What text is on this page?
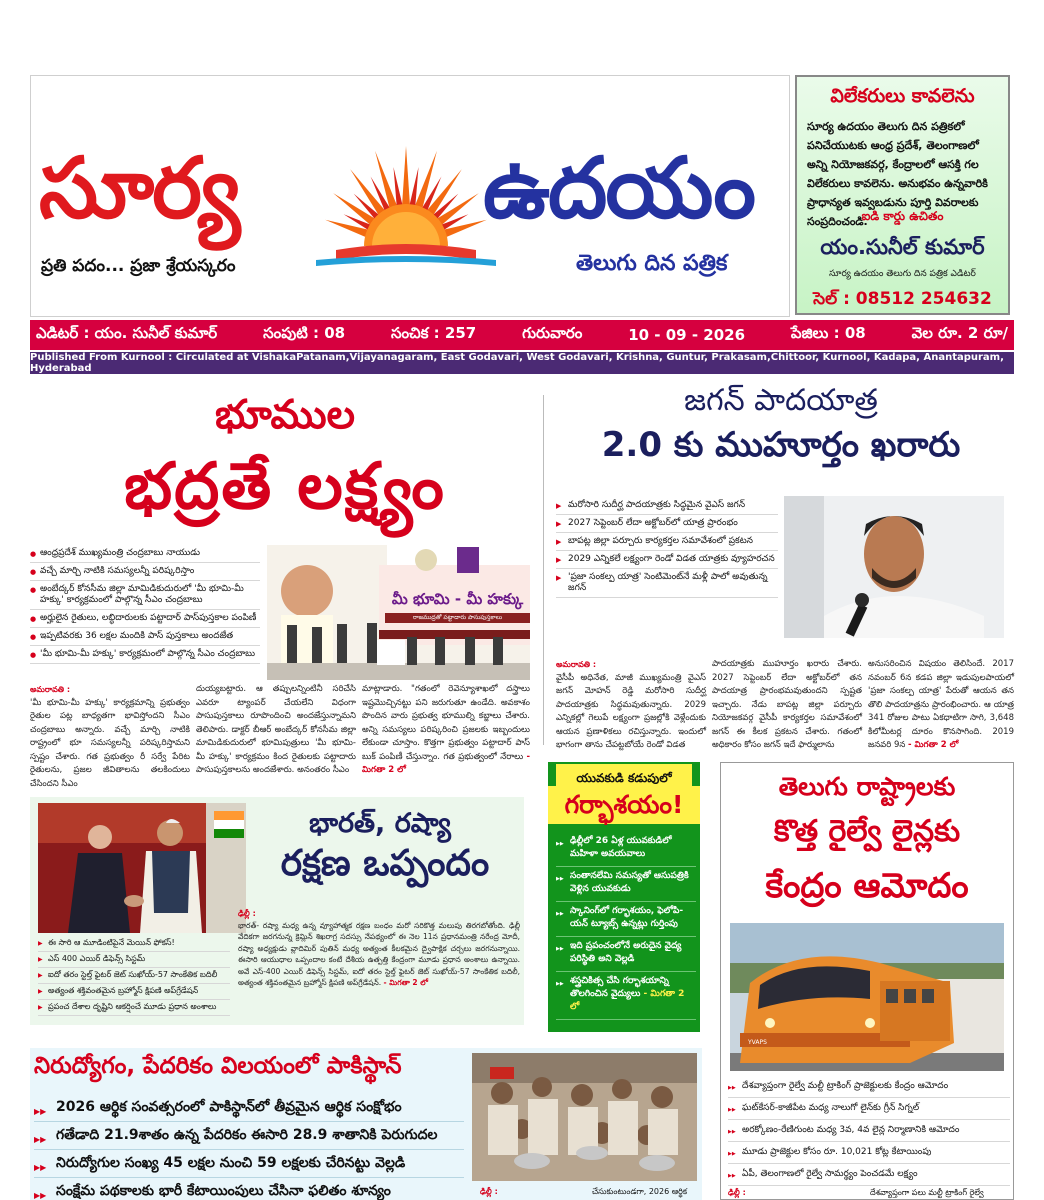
సూర్య	ఉదయం
ప్రతి పదం... ప్రజా శ్రేయస్కరం	తెలుగు దిన పత్రిక
విలేకరులు కావలెను
సూర్య ఉదయం తెలుగు దిన పత్రికలో పనిచేయుటకు ఆంధ్ర ప్రదేశ్, తెలంగాణలో అన్ని నియోజకవర్గ, కేంద్రాలలో ఆసక్తి గల విలేకరులు కావలెను. అనుభవం ఉన్నవారికి ప్రాధాన్యత ఇవ్వబడును పూర్తి వివరాలకు సంప్రదించండి.
ఐడి కార్డు ఉచితం
యం.సునీల్ కుమార్
సూర్య ఉదయం తెలుగు దిన పత్రిక ఎడిటర్
సెల్ : 08512 254632
ఎడిటర్ : యం. సునీల్ కుమార్	సంపుటి : 08	సంచిక : 257	గురువారం	10 - 09 - 2026	పేజిలు : 08	వెల రూ. 2 రూ/
Published From Kurnool : Circulated at VishakaPatanam,Vijayanagaram, East Godavari, West Godavari, Krishna, Guntur, Prakasam,Chittoor, Kurnool, Kadapa, Anantapuram, Hyderabad
భూముల
భద్రతే లక్ష్యం
● ఆంధ్రప్రదేశ్ ముఖ్యమంత్రి చంద్రబాబు నాయుడు
● వచ్చే మార్చి నాటికి సమస్యలన్నీ పరిష్కరిస్తాం
● అంబేద్కర్ కోనసీమ జిల్లా మామిడికుదురులో 'మీ భూమి-మీ హక్కు' కార్యక్రమంలో పాల్గొన్న సీఎం చంద్రబాబు
● అర్హులైన రైతులు, లబ్ధిదారులకు పట్టాదార్ పాస్‌పుస్తకాల పంపిణీ
● ఇప్పటివరకు 36 లక్షల మందికి పాస్ పుస్తకాలు అందజేత
● 'మీ భూమి-మీ హక్కు' కార్యక్రమంలో పాల్గొన్న సీఎం చంద్రబాబు
మీ భూమి - మీ హక్కు
రాజముద్రతో పట్టాదారు పాసుపుస్తకాలు
అమరావతి :
'మీ భూమి-మీ హక్కు' కార్యక్రమాన్ని ప్రభుత్వం రైతుల పట్ల బాధ్యతగా భావిస్తోందని సీఎం చంద్రబాబు అన్నారు. వచ్చే మార్చి నాటికి రాష్ట్రంలో భూ సమస్యలన్నీ పరిష్కరిస్తామని స్పష్టం చేశారు. గత ప్రభుత్వం రీ సర్వే పేరిట రైతులను, ప్రజల జీవితాలను తలకిందులు చేసిందని సీఎం
దుయ్యబట్టారు. ఆ తప్పులన్నింటినీ సరిచేసి ఎవరూ ట్యాంపర్ చేయలేని విధంగా పాసుపుస్తకాలు రూపొందించి అందజేస్తున్నామని తెలిపారు. డాక్టర్ బీఆర్ అంబేద్కర్ కోనసీమ జిల్లా మామిడికుదురులో భూమిపుత్రులు 'మీ భూమి- మీ హక్కు' కార్యక్రమం కింద రైతులకు పట్టాదారు పాసుపుస్తకాలను అందజేశారు. అనంతరం సీఎం
మాట్లాడారు. "గతంలో రెవెన్యూశాఖలో దస్త్రాలు ఇష్టమొచ్చినట్టు పని జరుగుతూ ఉండేది. అవకాశం పొందిన వారు ప్రభుత్వ భూముల్ని కబ్జాలు చేశారు. అన్ని సమస్యలు పరిష్కరించి ప్రజలకు ఇబ్బందులు లేకుండా చూస్తాం. కొత్తగా ప్రభుత్వం పట్టాదార్ పాస్ బుక్ పంపిణీ చేస్తున్నాం. గత ప్రభుత్వంలో నేరాలు - మిగతా 2 లో
జగన్ పాదయాత్ర
2.0 కు ముహూర్తం ఖరారు
▶ మరోసారి సుదీర్ఘ పాదయాత్రకు సిద్ధమైన వైఎస్ జగన్
▶ 2027 సెప్టెంబర్ లేదా అక్టోబర్‌లో యాత్ర ప్రారంభం
▶ బాపట్ల జిల్లా పర్చూరు కార్యకర్తల సమావేశంలో ప్రకటన
▶ 2029 ఎన్నికలే లక్ష్యంగా రెండో విడత యాత్రకు వ్యూహరచన
▶ 'ప్రజా సంకల్ప యాత్ర' సెంటిమెంట్‌నే మళ్లీ పాలో అవుతున్న జగన్
అమరావతి :
వైసీపీ అధినేత, మాజీ ముఖ్యమంత్రి వైఎస్ జగన్ మోహన్ రెడ్డి మరోసారి సుదీర్ఘ పాదయాత్రకు సిద్ధమవుతున్నారు. 2029 ఎన్నికల్లో గెలుపే లక్ష్యంగా ప్రజల్లోకి వెళ్లేందుకు ఆయన ప్రణాళికలు రచిస్తున్నారు. ఇందులో భాగంగా తాను చేపట్టబోయే రెండో విడత
పాదయాత్రకు ముహూర్తం ఖరారు చేశారు. 2027 సెప్టెంబర్ లేదా అక్టోబర్‌లో తన పాదయాత్ర ప్రారంభమవుతుందని స్పష్టత ఇచ్చారు. నేడు బాపట్ల జిల్లా పర్చూరు నియోజకవర్గ వైసీపీ కార్యకర్తల సమావేశంలో జగన్ ఈ కీలక ప్రకటన చేశారు. గతంలో అధికారం కోసం జగన్ ఇదే ఫార్ములాను
అనుసరించిన విషయం తెలిసిందే. 2017 నవంబర్ 6న కడప జిల్లా ఇడుపులపాయలో 'ప్రజా సంకల్ప యాత్ర' పేరుతో ఆయన తన తొలి పాదయాత్రను ప్రారంభించారు. ఆ యాత్ర 341 రోజుల పాటు ఏకధాటిగా సాగి, 3,648 కిలోమీటర్ల దూరం కొనసాగింది. 2019 జనవరి 9న - మిగతా 2 లో
భారత్, రష్యా
రక్షణ ఒప్పందం
▶ ఈ సారి ఆ మూడింటిపైనే మెయిన్ ఫోకస్!
▶ ఎస్ 400 ఎయిర్ డిఫెన్స్ సిస్టమ్
▶ ఐదో తరం స్టెల్త్ ఫైటర్ జెట్ సుఖోయ్-57 సాంకేతిక బదిలీ
▶ అత్యంత శక్తివంతమైన బ్రహ్మోస్ క్షిపణి అప్‌గ్రేడేషన్
▶ ప్రపంచ దేశాల దృష్టిని ఆకర్షించే మూడు ప్రధాన అంశాలు
ఢిల్లీ :
భారత్- రష్యా మధ్య ఉన్న వ్యూహాత్మక రక్షణ బంధం మరో సరికొత్త మలుపు తిరగబోతోంది. ఢిల్లీ వేదికగా జరగనున్న క్రెమ్లిన్ శిఖరాగ్ర సదస్సు నేపథ్యంలో ఈ నెల 11న ప్రధానమంత్రి నరేంద్ర మోదీ, రష్యా అధ్యక్షుడు వ్లాదిమిర్ పుతిన్ మధ్య అత్యంత కీలకమైన ద్వైపాక్షిక చర్చలు జరగనున్నాయి. ఈసారి ఆయుధాల ఒప్పందాల కంటే దేశీయ ఉత్పత్తి కేంద్రంగా మూడు ప్రధాన అంశాలు ఉన్నాయి. అవే ఎస్-400 ఎయిర్ డిఫెన్స్ సిస్టమ్, ఐదో తరం స్టెల్త్ ఫైటర్ జెట్ సుఖోయ్-57 సాంకేతిక బదిలీ, అత్యంత శక్తివంతమైన బ్రహ్మోస్ క్షిపణి అప్‌గ్రేడేషన్. - మిగతా 2 లో
యువకుడి కడుపులో
గర్భాశయం!
▶▶ ఢిల్లీలో 26 ఏళ్ల యువకుడిలో మహిళా అవయవాలు
▶▶ సంతానలేమి సమస్యతో ఆసుపత్రికి వెళ్లిన యువకుడు
▶▶ స్కానింగ్‌లో గర్భాశయం, ఫెలోపి-యన్ ట్యూబ్స్ ఉన్నట్లు గుర్తింపు
▶▶ ఇది ప్రపంచంలోనే అరుదైన వైద్య పరిస్థితి అని వెల్లడి
▶▶ శస్త్రచికిత్స చేసి గర్భాశయాన్ని తొలగించిన వైద్యులు - మిగతా 2 లో
తెలుగు రాష్ట్రాలకు
కొత్త రైల్వే లైన్లకు
కేంద్రం ఆమోదం
YVAPS
▶▶ దేశవ్యాప్తంగా రైల్వే మల్టీ ట్రాకింగ్ ప్రాజెక్టులకు కేంద్రం ఆమోదం
▶▶ ఘట్‌కేసర్-కాజీపేట మధ్య నాలుగో లైన్‌కు గ్రీన్ సిగ్నల్
▶▶ అరక్కోణం-రేణిగుంట మధ్య 3వ, 4వ లైన్ల నిర్మాణానికి ఆమోదం
▶▶ మూడు ప్రాజెక్టుల కోసం రూ. 10,021 కోట్ల కేటాయింపు
▶▶ ఏపీ, తెలంగాణలో రైల్వే సామర్థ్యం పెంచడమే లక్ష్యం
ఢిల్లీ :	దేశవ్యాప్తంగా పలు మల్టీ ట్రాకింగ్ రైల్వే
నిరుద్యోగం, పేదరికం విలయంలో పాకిస్థాన్
▶▶ 2026 ఆర్థిక సంవత్సరంలో పాకిస్థాన్‌లో తీవ్రమైన ఆర్థిక సంక్షోభం
▶▶ గతేడాది 21.9శాతం ఉన్న పేదరికం ఈసారి 28.9 శాతానికి పెరుగుదల
▶▶ నిరుద్యోగుల సంఖ్య 45 లక్షల నుంచి 59 లక్షలకు చేరినట్టు వెల్లడి
▶▶ సంక్షేమ పథకాలకు భారీ కేటాయింపులు చేసినా ఫలితం శూన్యం	ఢిల్లీ :	చేసుకుంటుండగా, 2026 ఆర్థిక
